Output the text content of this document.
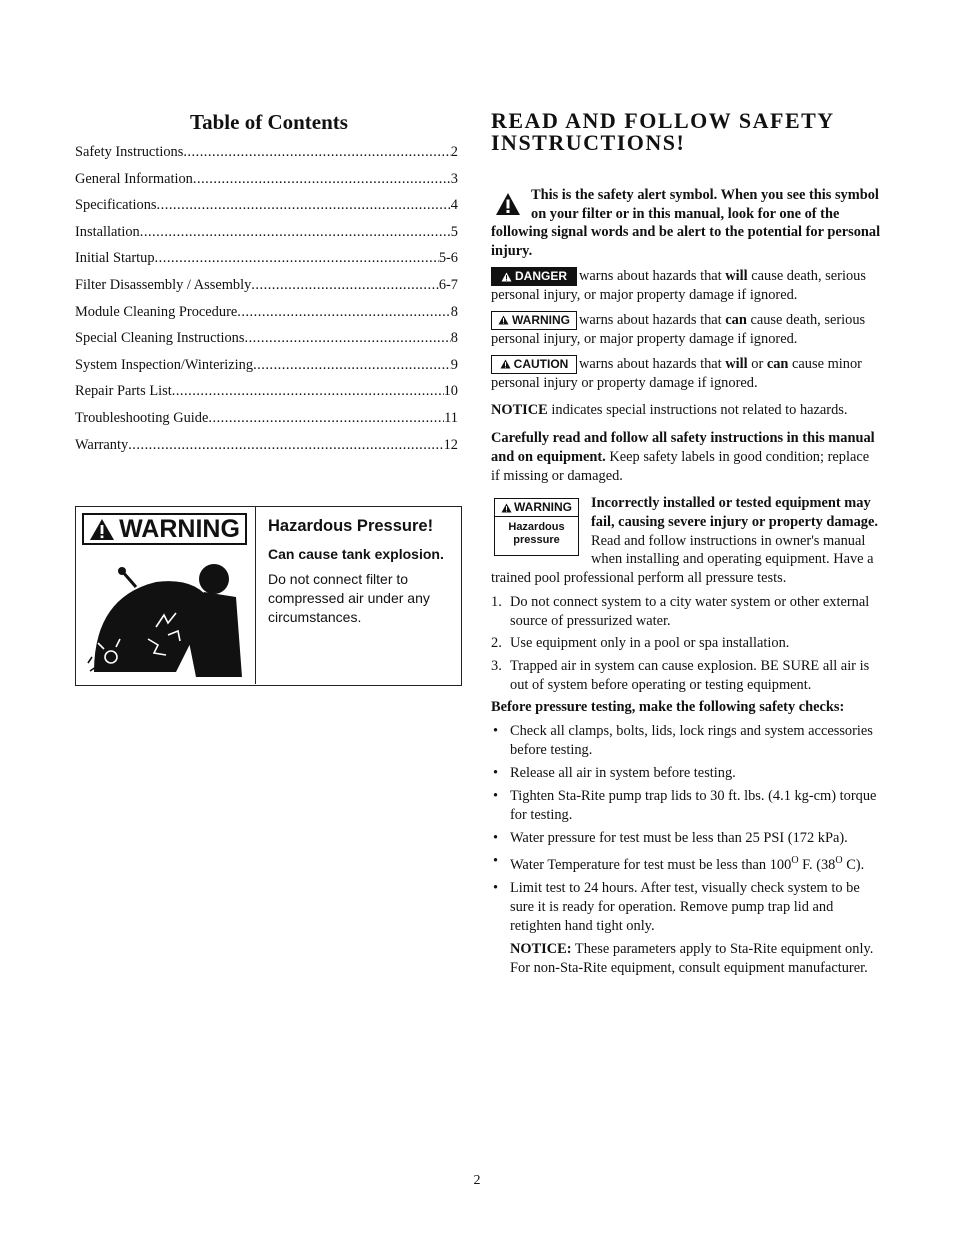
Table of Contents
Safety Instructions .....	2
General Information .....	3
Specifications .....	4
Installation .....	5
Initial Startup .....	5-6
Filter Disassembly / Assembly .....	6-7
Module Cleaning Procedure .....	8
Special Cleaning Instructions .....	8
System Inspection/Winterizing .....	9
Repair Parts List .....	10
Troubleshooting Guide .....	11
Warranty .....	12
WARNING Hazardous Pressure!

Can cause tank explosion.

Do not connect filter to compressed air under any circumstances.

READ AND FOLLOW SAFETY INSTRUCTIONS!

This is the safety alert symbol. When you see this symbol on your filter or in this manual, look for one of the following signal words and be alert to the potential for personal injury.

DANGER warns about hazards that will cause death, serious personal injury, or major property damage if ignored.

WARNING warns about hazards that can cause death, serious personal injury, or major property damage if ignored.

CAUTION warns about hazards that will or can cause minor personal injury or property damage if ignored.

NOTICE indicates special instructions not related to hazards.

Carefully read and follow all safety instructions in this manual and on equipment. Keep safety labels in good condition; replace if missing or damaged.

WARNING
Hazardous
pressure
Incorrectly installed or tested equipment may fail, causing severe injury or property damage. Read and follow instructions in owner's manual when installing and operating equipment. Have a trained pool professional perform all pressure tests.

1. Do not connect system to a city water system or other external source of pressurized water.
2. Use equipment only in a pool or spa installation.
3. Trapped air in system can cause explosion. BE SURE all air is out of system before operating or testing equipment.

Before pressure testing, make the following safety checks:

• Check all clamps, bolts, lids, lock rings and system accessories before testing.
• Release all air in system before testing.
• Tighten Sta-Rite pump trap lids to 30 ft. lbs. (4.1 kg-cm) torque for testing.
• Water pressure for test must be less than 25 PSI (172 kPa).
• Water Temperature for test must be less than $100^O$ F. ($38^O$ C).
• Limit test to 24 hours. After test, visually check system to be sure it is ready for operation. Remove pump trap lid and retighten hand tight only.

NOTICE: These parameters apply to Sta-Rite equipment only. For non-Sta-Rite equipment, consult equipment manufacturer.

2
